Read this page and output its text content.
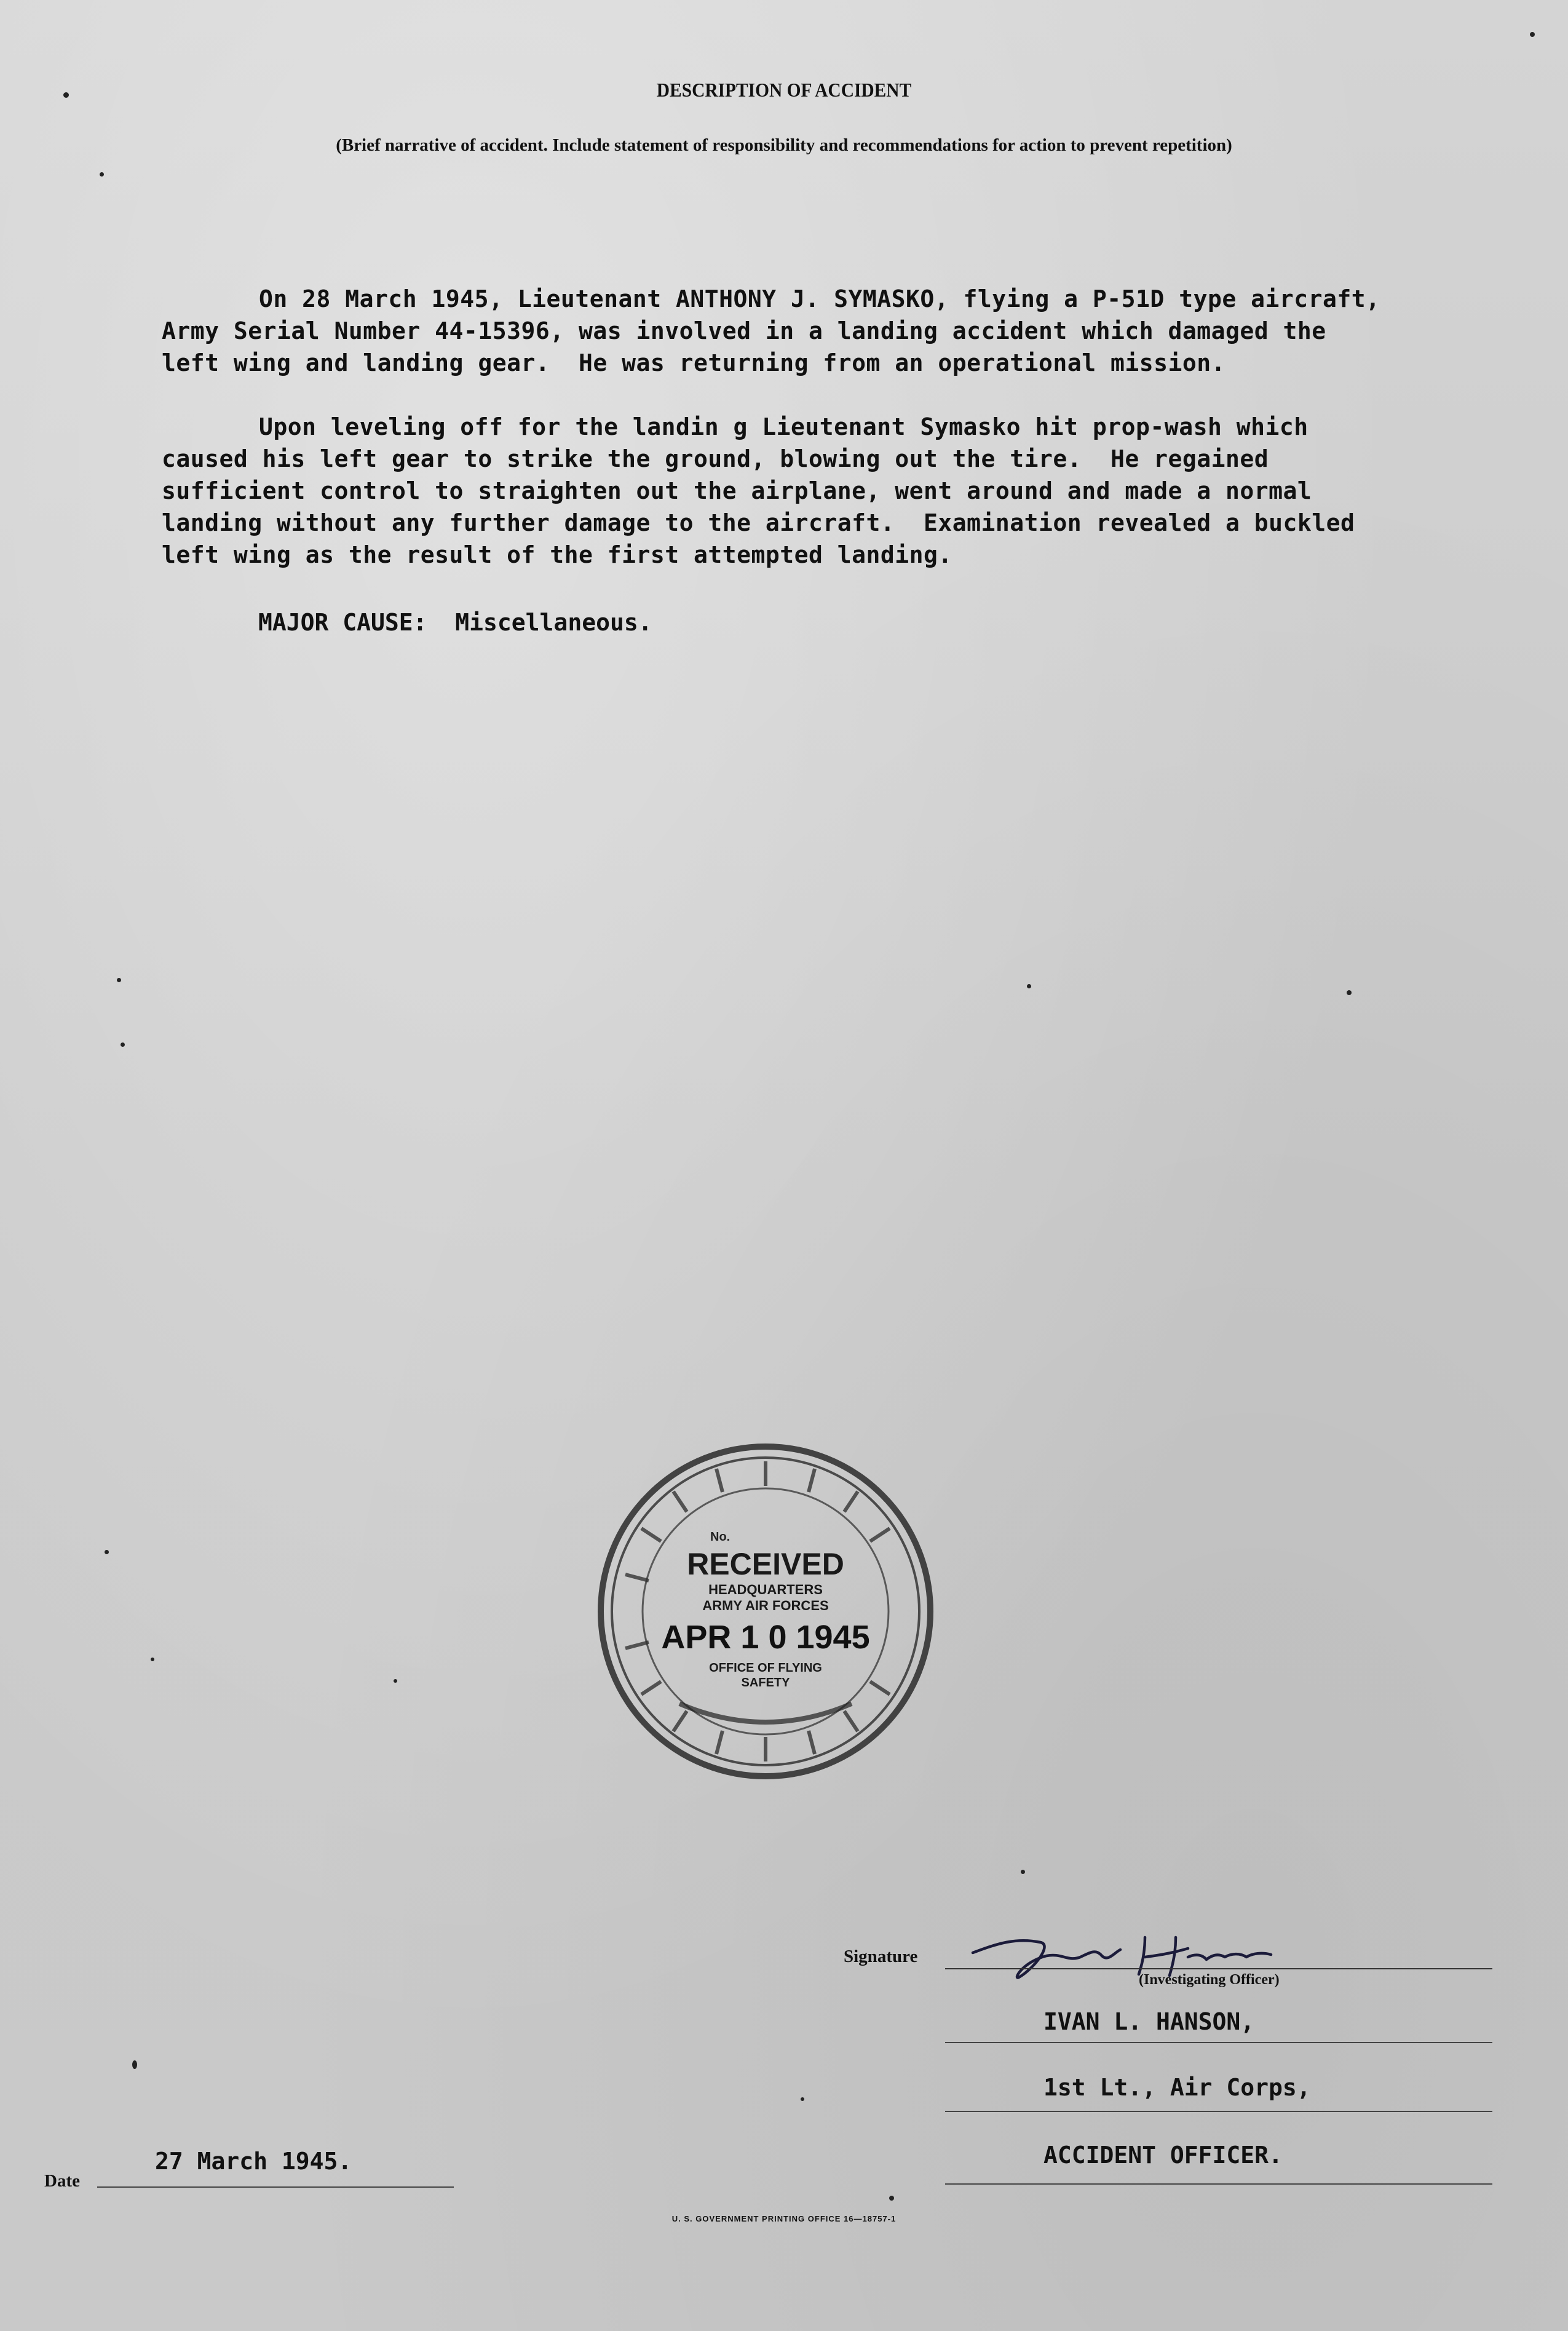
DESCRIPTION OF ACCIDENT
(Brief narrative of accident. Include statement of responsibility and recommendations for action to prevent repetition)
On 28 March 1945, Lieutenant ANTHONY J. SYMASKO, flying a P-51D type aircraft,
Army Serial Number 44-15396, was involved in a landing accident which damaged the
left wing and landing gear.  He was returning from an operational mission.
Upon leveling off for the landin g Lieutenant Symasko hit prop-wash which
caused his left gear to strike the ground, blowing out the tire.  He regained
sufficient control to straighten out the airplane, went around and made a normal
landing without any further damage to the aircraft.  Examination revealed a buckled
left wing as the result of the first attempted landing.
MAJOR CAUSE:  Miscellaneous.
No.
RECEIVED
HEADQUARTERS
ARMY AIR FORCES
APR 1 0 1945
OFFICE OF FLYING
SAFETY
Signature
(Investigating Officer)
IVAN L. HANSON,
1st Lt., Air Corps,
ACCIDENT OFFICER.
Date
27 March 1945.
U. S. GOVERNMENT PRINTING OFFICE 16—18757-1
